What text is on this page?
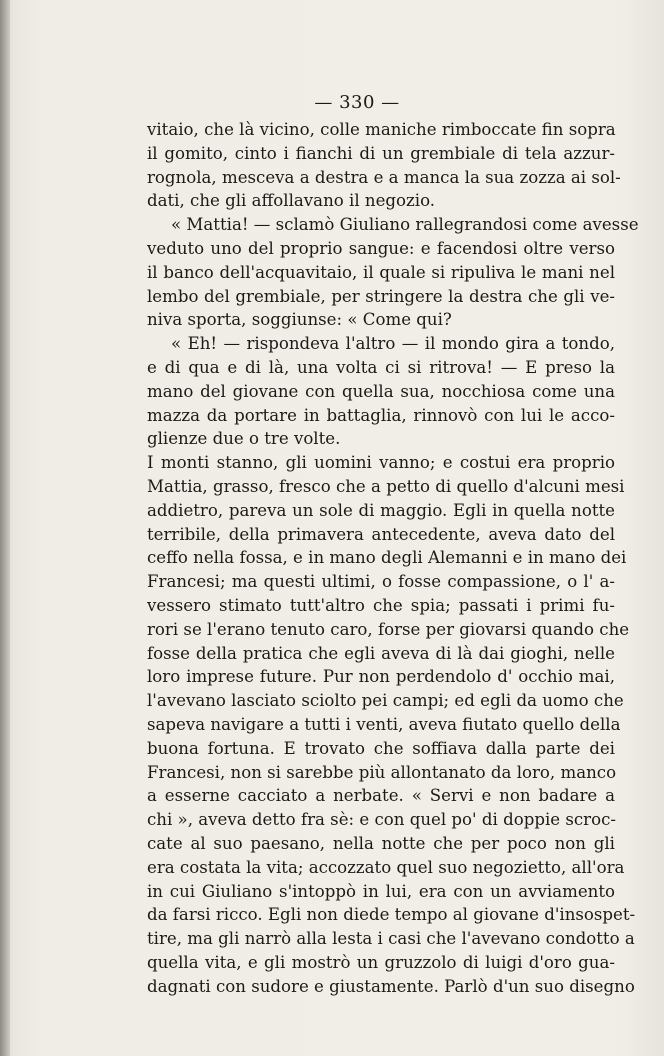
— 330 —
vitaio, che là vicino, colle maniche rimboccate fin sopra
il gomito, cinto i fianchi di un grembiale di tela azzur-
rognola, mesceva a destra e a manca la sua zozza ai sol-
dati, che gli affollavano il negozio.
« Mattia! — sclamò Giuliano rallegrandosi come avesse
veduto uno del proprio sangue: e facendosi oltre verso
il banco dell'acquavitaio, il quale si ripuliva le mani nel
lembo del grembiale, per stringere la destra che gli ve-
niva sporta, soggiunse: « Come qui?
« Eh! — rispondeva l'altro — il mondo gira a tondo,
e di qua e di là, una volta ci si ritrova! — E preso la
mano del giovane con quella sua, nocchiosa come una
mazza da portare in battaglia, rinnovò con lui le acco-
glienze due o tre volte.
I monti stanno, gli uomini vanno; e costui era proprio
Mattia, grasso, fresco che a petto di quello d'alcuni mesi
addietro, pareva un sole di maggio. Egli in quella notte
terribile, della primavera antecedente, aveva dato del
ceffo nella fossa, e in mano degli Alemanni e in mano dei
Francesi; ma questi ultimi, o fosse compassione, o l' a-
vessero stimato tutt'altro che spia; passati i primi fu-
rori se l'erano tenuto caro, forse per giovarsi quando che
fosse della pratica che egli aveva di là dai gioghi, nelle
loro imprese future. Pur non perdendolo d' occhio mai,
l'avevano lasciato sciolto pei campi; ed egli da uomo che
sapeva navigare a tutti i venti, aveva fiutato quello della
buona fortuna. E trovato che soffiava dalla parte dei
Francesi, non si sarebbe più allontanato da loro, manco
a esserne cacciato a nerbate. « Servi e non badare a
chi », aveva detto fra sè: e con quel po' di doppie scroc-
cate al suo paesano, nella notte che per poco non gli
era costata la vita; accozzato quel suo negozietto, all'ora
in cui Giuliano s'intoppò in lui, era con un avviamento
da farsi ricco. Egli non diede tempo al giovane d'insospet-
tire, ma gli narrò alla lesta i casi che l'avevano condotto a
quella vita, e gli mostrò un gruzzolo di luigi d'oro gua-
dagnati con sudore e giustamente. Parlò d'un suo disegno
